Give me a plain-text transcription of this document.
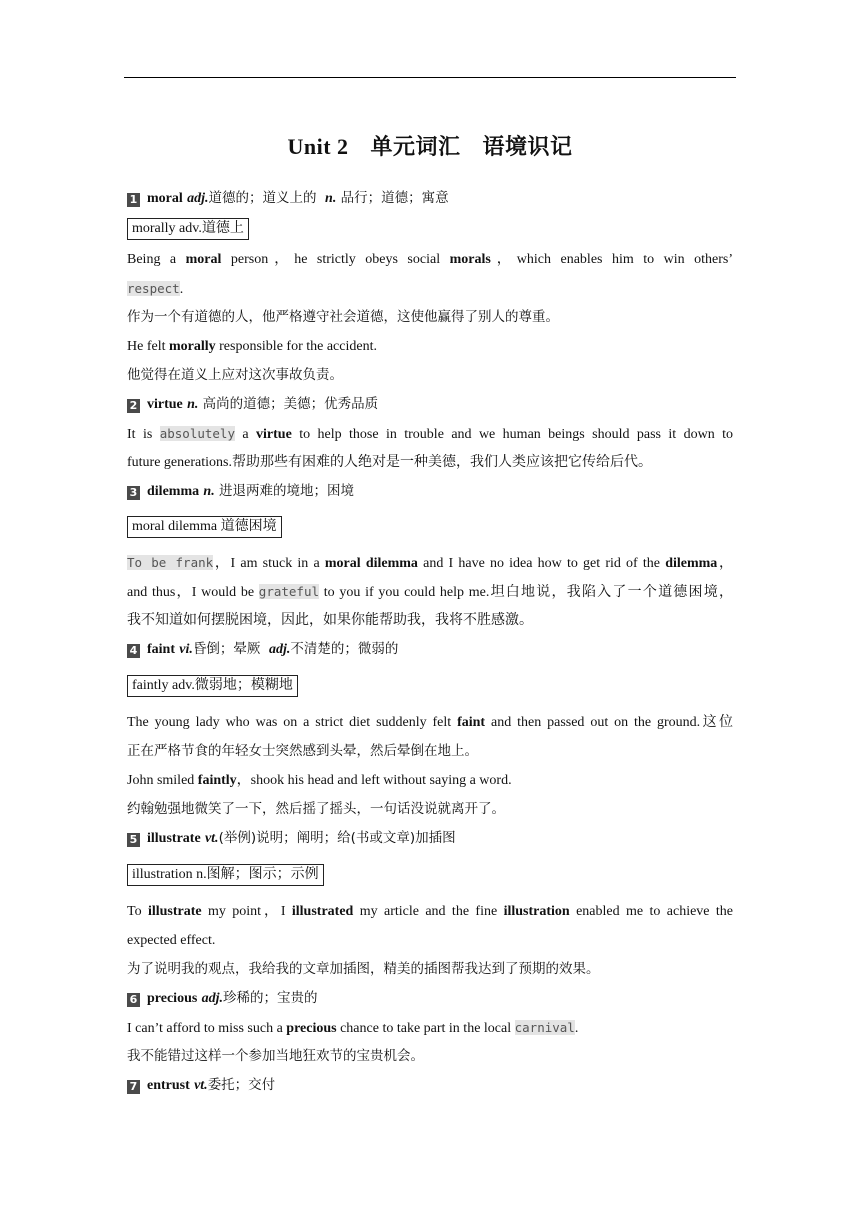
Unit 2 单元词汇 语境识记
1 moral adj.道德的；道义上的 n. 品行；道德；寓意
morally adv.道德上
Being a moral person，he strictly obeys social morals，which enables him to win others’
respect.
作为一个有道德的人，他严格遵守社会道德，这使他赢得了别人的尊重。
He felt morally responsible for the accident.
他觉得在道义上应对这次事故负责。
2 virtue n. 高尚的道德；美德；优秀品质
It is absolutely a virtue to help those in trouble and we human beings should pass it down to
future generations.帮助那些有困难的人绝对是一种美德，我们人类应该把它传给后代。
3 dilemma n. 进退两难的境地；困境
moral dilemma 道德困境
To be frank，I am stuck in a moral dilemma and I have no idea how to get rid of the dilemma，
and thus，I would be grateful to you if you could help me.坦白地说，我陷入了一个道德困境，
我不知道如何摆脱困境，因此，如果你能帮助我，我将不胜感激。
4 faint vi.昏倒；晕厥 adj.不清楚的；微弱的
faintly adv.微弱地；模糊地
The young lady who was on a strict diet suddenly felt faint and then passed out on the ground.这位
正在严格节食的年轻女士突然感到头晕，然后晕倒在地上。
John smiled faintly，shook his head and left without saying a word.
约翰勉强地微笑了一下，然后摇了摇头，一句话没说就离开了。
5 illustrate vt.(举例)说明；阐明；给(书或文章)加插图
illustration n.图解；图示；示例
To illustrate my point，I illustrated my article and the fine illustration enabled me to achieve the
expected effect.
为了说明我的观点，我给我的文章加插图，精美的插图帮我达到了预期的效果。
6 precious adj.珍稀的；宝贵的
I can’t afford to miss such a precious chance to take part in the local carnival.
我不能错过这样一个参加当地狂欢节的宝贵机会。
7 entrust vt.委托；交付
